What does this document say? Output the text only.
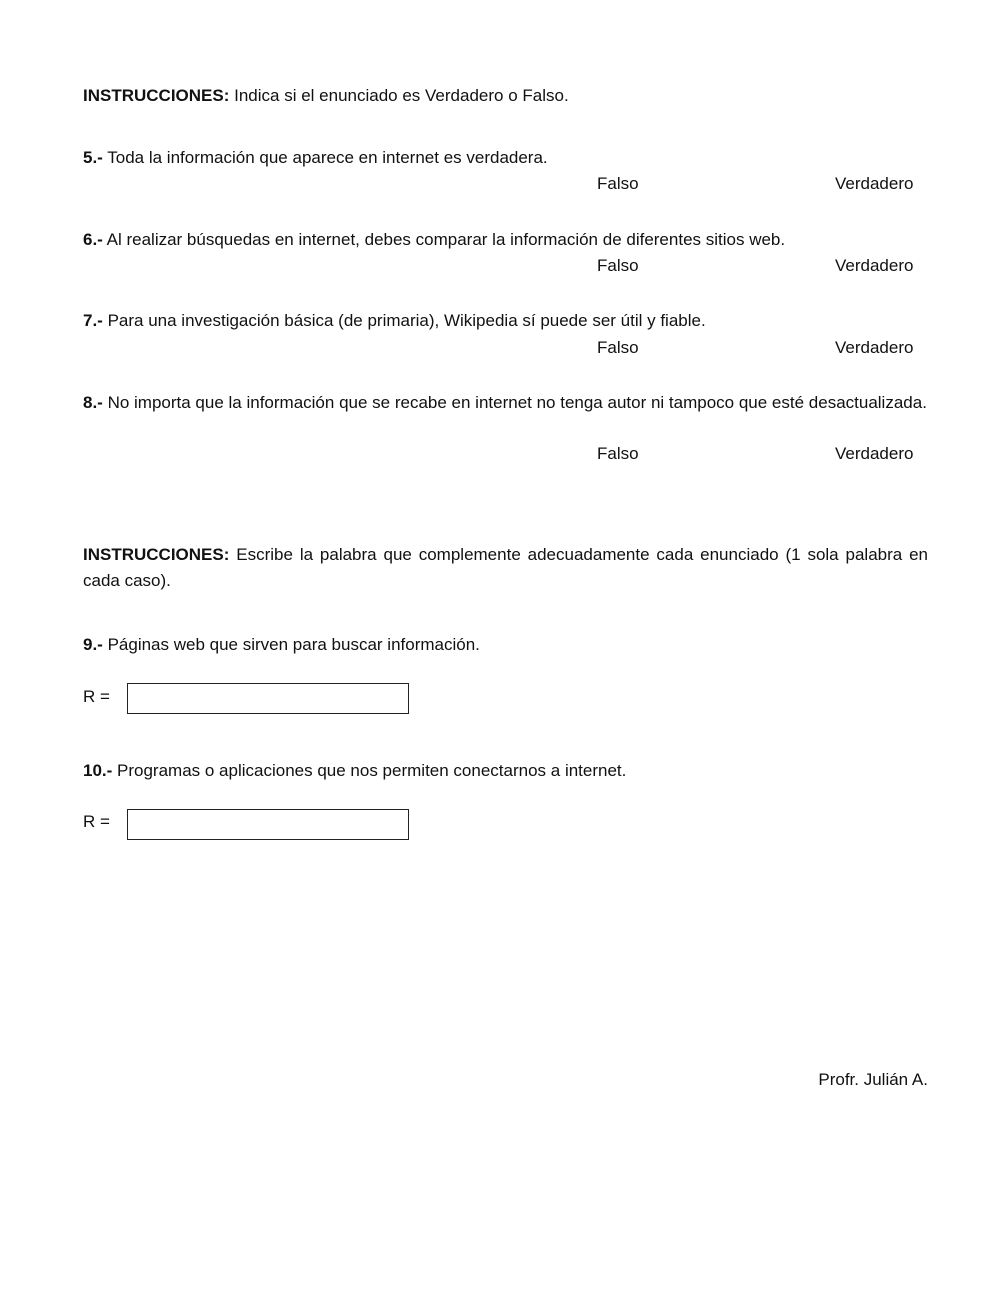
INSTRUCCIONES: Indica si el enunciado es Verdadero o Falso.
5.- Toda la información que aparece en internet es verdadera.
Falso	Verdadero
6.- Al realizar búsquedas en internet, debes comparar la información de diferentes sitios web.
Falso	Verdadero
7.- Para una investigación básica (de primaria), Wikipedia sí puede ser útil y fiable.
Falso	Verdadero
8.- No importa que la información que se recabe en internet no tenga autor ni tampoco que esté desactualizada.
Falso	Verdadero
INSTRUCCIONES: Escribe la palabra que complemente adecuadamente cada enunciado (1 sola palabra en cada caso).
9.- Páginas web que sirven para buscar información.
R =
10.- Programas o aplicaciones que nos permiten conectarnos a internet.
R =
Profr. Julián A.
